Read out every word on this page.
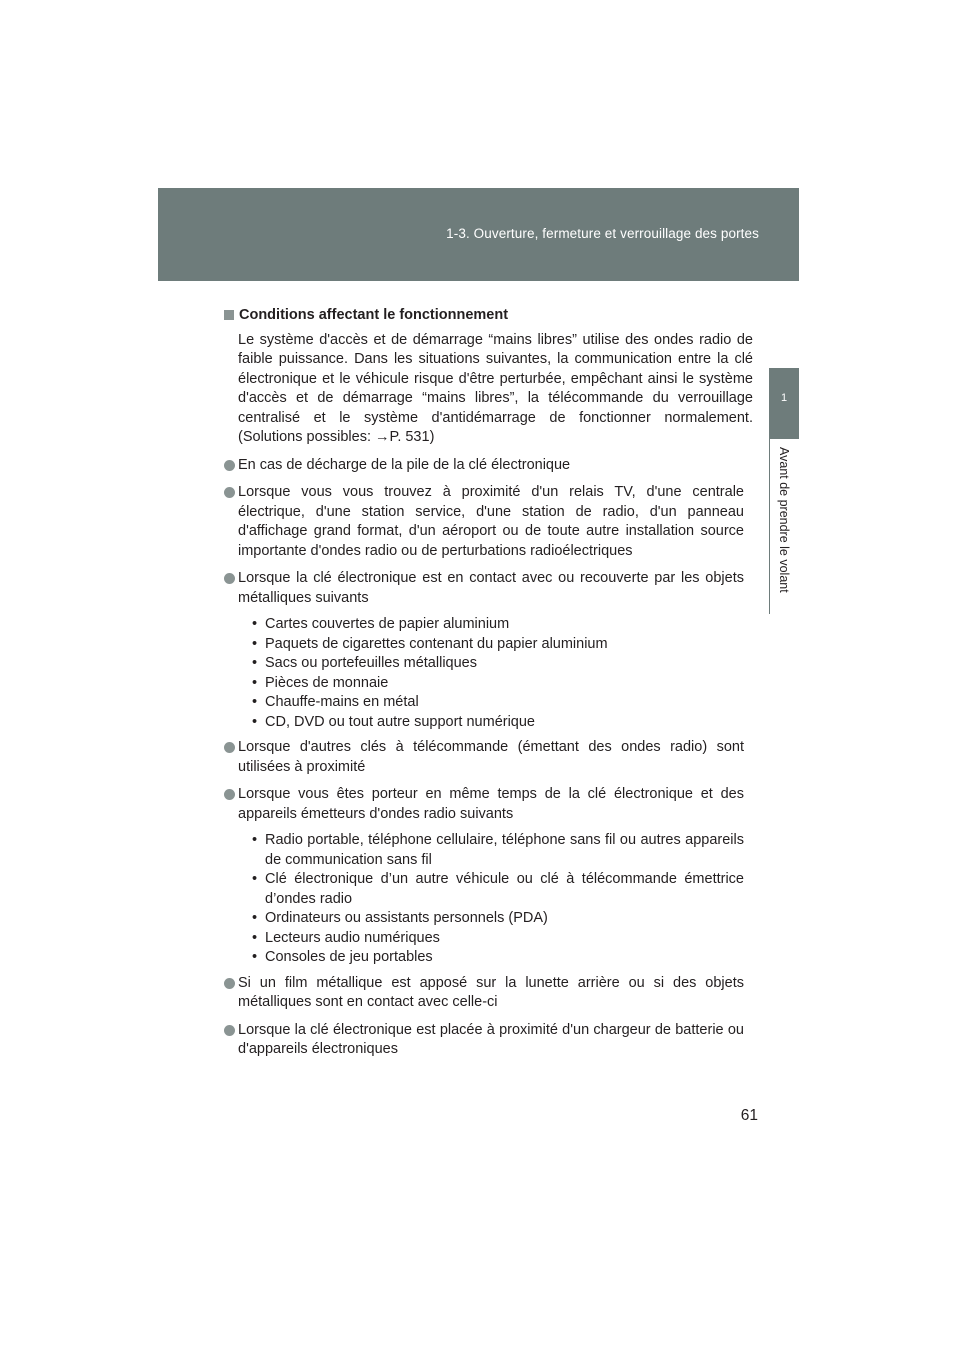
1-3. Ouverture, fermeture et verrouillage des portes
1
Avant de prendre le volant
Conditions affectant le fonctionnement
Le système d'accès et de démarrage “mains libres” utilise des ondes radio de faible puissance. Dans les situations suivantes, la communication entre la clé électronique et le véhicule risque d'être perturbée, empêchant ainsi le système d'accès et de démarrage “mains libres”, la télécommande du verrouillage centralisé et le système d'antidémarrage de fonctionner normalement. (Solutions possibles: →P. 531)
En cas de décharge de la pile de la clé électronique
Lorsque vous vous trouvez à proximité d'un relais TV, d'une centrale électrique, d'une station service, d'une station de radio, d'un panneau d'affichage grand format, d'un aéroport ou de toute autre installation source importante d'ondes radio ou de perturbations radioélectriques
Lorsque la clé électronique est en contact avec ou recouverte par les objets métalliques suivants
• Cartes couvertes de papier aluminium
• Paquets de cigarettes contenant du papier aluminium
• Sacs ou portefeuilles métalliques
• Pièces de monnaie
• Chauffe-mains en métal
• CD, DVD ou tout autre support numérique
Lorsque d'autres clés à télécommande (émettant des ondes radio) sont utilisées à proximité
Lorsque vous êtes porteur en même temps de la clé électronique et des appareils émetteurs d'ondes radio suivants
• Radio portable, téléphone cellulaire, téléphone sans fil ou autres appareils de communication sans fil
• Clé électronique d’un autre véhicule ou clé à télécommande émettrice d’ondes radio
• Ordinateurs ou assistants personnels (PDA)
• Lecteurs audio numériques
• Consoles de jeu portables
Si un film métallique est apposé sur la lunette arrière ou si des objets métalliques sont en contact avec celle-ci
Lorsque la clé électronique est placée à proximité d'un chargeur de batterie ou d'appareils électroniques
61
